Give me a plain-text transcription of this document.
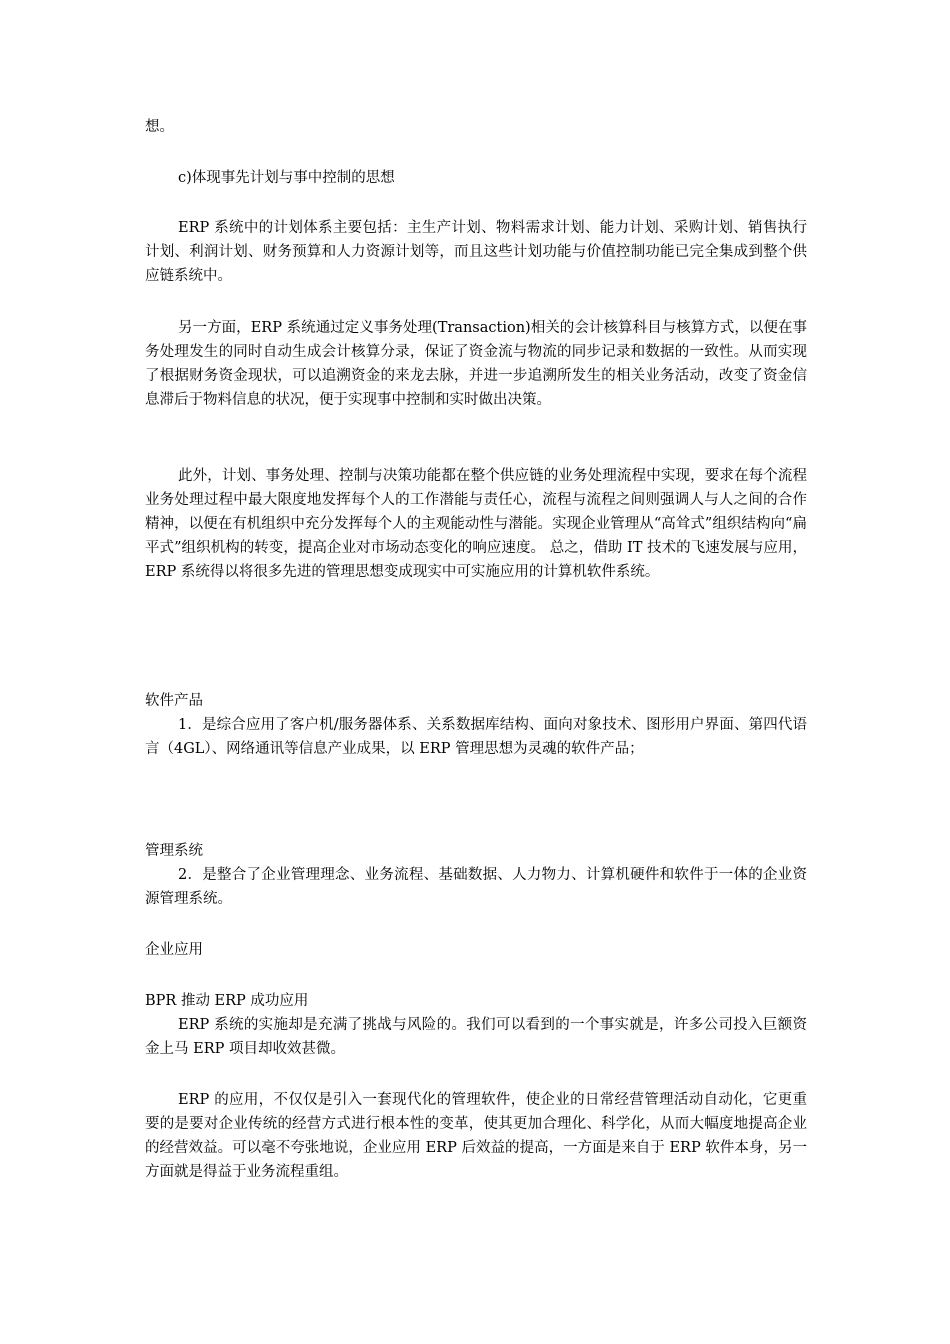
想。

c)体现事先计划与事中控制的思想

ERP 系统中的计划体系主要包括：主生产计划、物料需求计划、能力计划、采购计划、销售执行计划、利润计划、财务预算和人力资源计划等，而且这些计划功能与价值控制功能已完全集成到整个供应链系统中。

另一方面，ERP 系统通过定义事务处理(Transaction)相关的会计核算科目与核算方式，以便在事务处理发生的同时自动生成会计核算分录，保证了资金流与物流的同步记录和数据的一致性。从而实现了根据财务资金现状，可以追溯资金的来龙去脉，并进一步追溯所发生的相关业务活动，改变了资金信息滞后于物料信息的状况，便于实现事中控制和实时做出决策。

此外，计划、事务处理、控制与决策功能都在整个供应链的业务处理流程中实现，要求在每个流程业务处理过程中最大限度地发挥每个人的工作潜能与责任心，流程与流程之间则强调人与人之间的合作精神，以便在有机组织中充分发挥每个人的主观能动性与潜能。实现企业管理从“高耸式”组织结构向“扁平式”组织机构的转变，提高企业对市场动态变化的响应速度。 总之，借助 IT 技术的飞速发展与应用，ERP 系统得以将很多先进的管理思想变成现实中可实施应用的计算机软件系统。

软件产品

1．是综合应用了客户机/服务器体系、关系数据库结构、面向对象技术、图形用户界面、第四代语言（4GL）、网络通讯等信息产业成果，以 ERP 管理思想为灵魂的软件产品；

管理系统

2．是整合了企业管理理念、业务流程、基础数据、人力物力、计算机硬件和软件于一体的企业资源管理系统。

企业应用

BPR 推动 ERP 成功应用

ERP 系统的实施却是充满了挑战与风险的。我们可以看到的一个事实就是，许多公司投入巨额资金上马 ERP 项目却收效甚微。

ERP 的应用，不仅仅是引入一套现代化的管理软件，使企业的日常经营管理活动自动化，它更重要的是要对企业传统的经营方式进行根本性的变革，使其更加合理化、科学化，从而大幅度地提高企业的经营效益。可以毫不夸张地说，企业应用 ERP 后效益的提高，一方面是来自于 ERP 软件本身，另一方面就是得益于业务流程重组。
